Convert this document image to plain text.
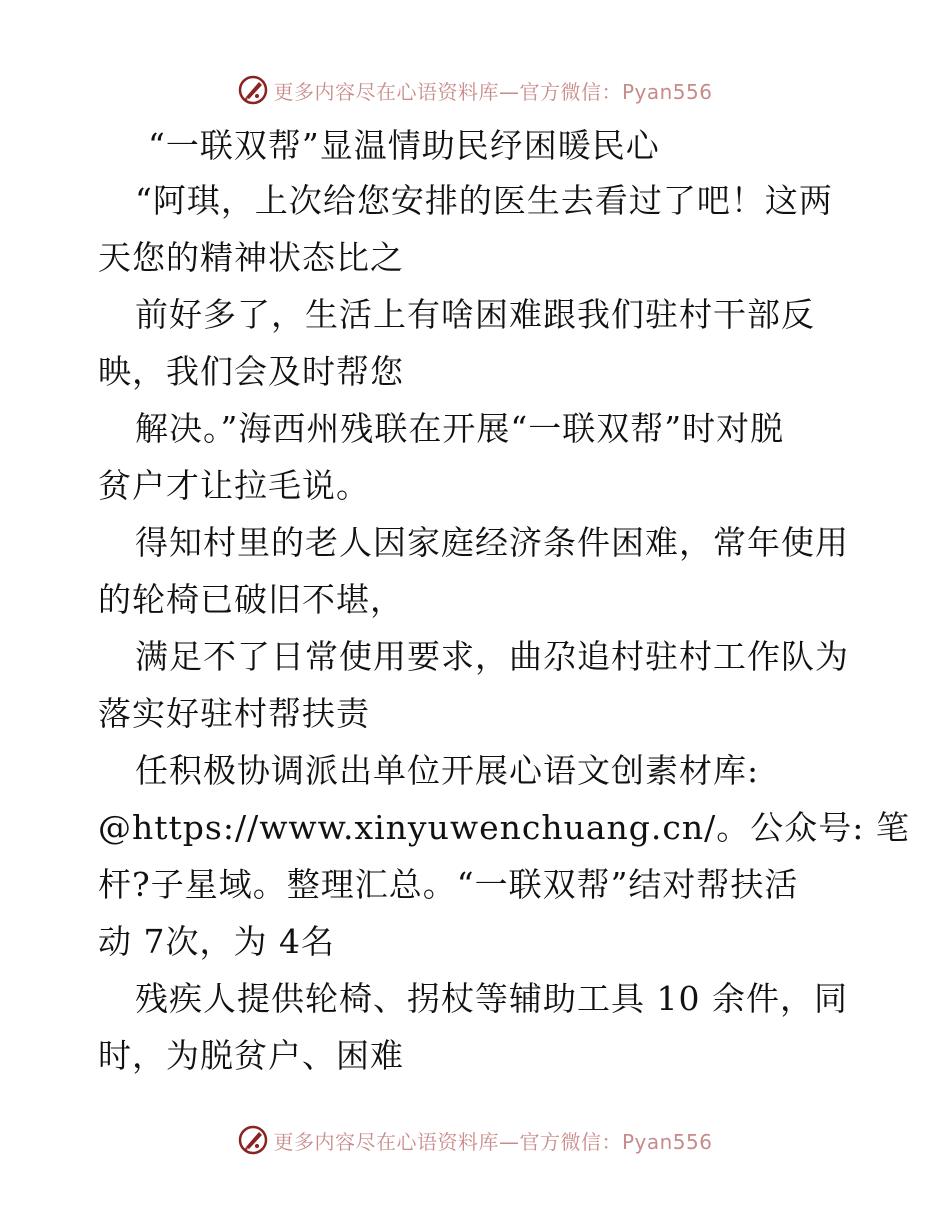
更多内容尽在心语资料库—官方微信：Pyan556
“一联双帮”显温情助民纾困暖民心
“阿琪，上次给您安排的医生去看过了吧！这两
天您的精神状态比之
前好多了，生活上有啥困难跟我们驻村干部反
映，我们会及时帮您
解决。”海西州残联在开展“一联双帮”时对脱
贫户才让拉毛说。
得知村里的老人因家庭经济条件困难，常年使用
的轮椅已破旧不堪，
满足不了日常使用要求，曲尕追村驻村工作队为
落实好驻村帮扶责
任积极协调派出单位开展心语文创素材库:
@https://www.xinyuwenchuang.cn/。公众号: 笔
杆?子星域。整理汇总。“一联双帮”结对帮扶活
动 7次，为 4名
残疾人提供轮椅、拐杖等辅助工具 10 余件，同
时，为脱贫户、困难
更多内容尽在心语资料库—官方微信：Pyan556
